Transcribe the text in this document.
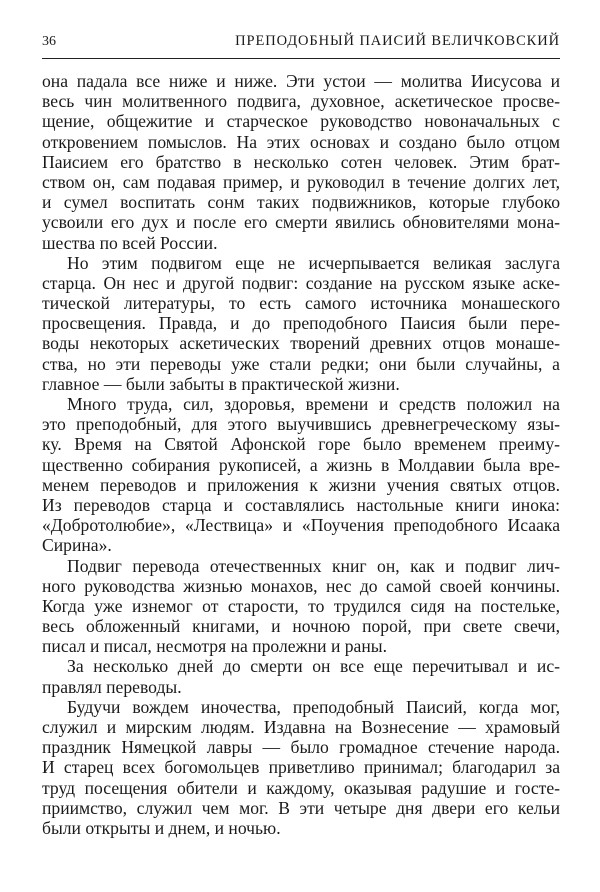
36	ПРЕПОДОБНЫЙ ПАИСИЙ ВЕЛИЧКОВСКИЙ
она падала все ниже и ниже. Эти устои — молитва Иисусова и
весь чин молитвенного подвига, духовное, аскетическое просве-
щение, общежитие и старческое руководство новоначальных с
откровением помыслов. На этих основах и создано было отцом
Паисием его братство в несколько сотен человек. Этим брат-
ством он, сам подавая пример, и руководил в течение долгих лет,
и сумел воспитать сонм таких подвижников, которые глубоко
усвоили его дух и после его смерти явились обновителями мона-
шества по всей России.
Но этим подвигом еще не исчерпывается великая заслуга
старца. Он нес и другой подвиг: создание на русском языке аске-
тической литературы, то есть самого источника монашеского
просвещения. Правда, и до преподобного Паисия были пере-
воды некоторых аскетических творений древних отцов монаше-
ства, но эти переводы уже стали редки; они были случайны, а
главное — были забыты в практической жизни.
Много труда, сил, здоровья, времени и средств положил на
это преподобный, для этого выучившись древнегреческому язы-
ку. Время на Святой Афонской горе было временем преиму-
щественно собирания рукописей, а жизнь в Молдавии была вре-
менем переводов и приложения к жизни учения святых отцов.
Из переводов старца и составлялись настольные книги инока:
«Добротолюбие», «Лествица» и «Поучения преподобного Исаака
Сирина».
Подвиг перевода отечественных книг он, как и подвиг лич-
ного руководства жизнью монахов, нес до самой своей кончины.
Когда уже изнемог от старости, то трудился сидя на постельке,
весь обложенный книгами, и ночною порой, при свете свечи,
писал и писал, несмотря на пролежни и раны.
За несколько дней до смерти он все еще перечитывал и ис-
правлял переводы.
Будучи вождем иночества, преподобный Паисий, когда мог,
служил и мирским людям. Издавна на Вознесение — храмовый
праздник Нямецкой лавры — было громадное стечение народа.
И старец всех богомольцев приветливо принимал; благодарил за
труд посещения обители и каждому, оказывая радушие и госте-
приимство, служил чем мог. В эти четыре дня двери его кельи
были открыты и днем, и ночью.
